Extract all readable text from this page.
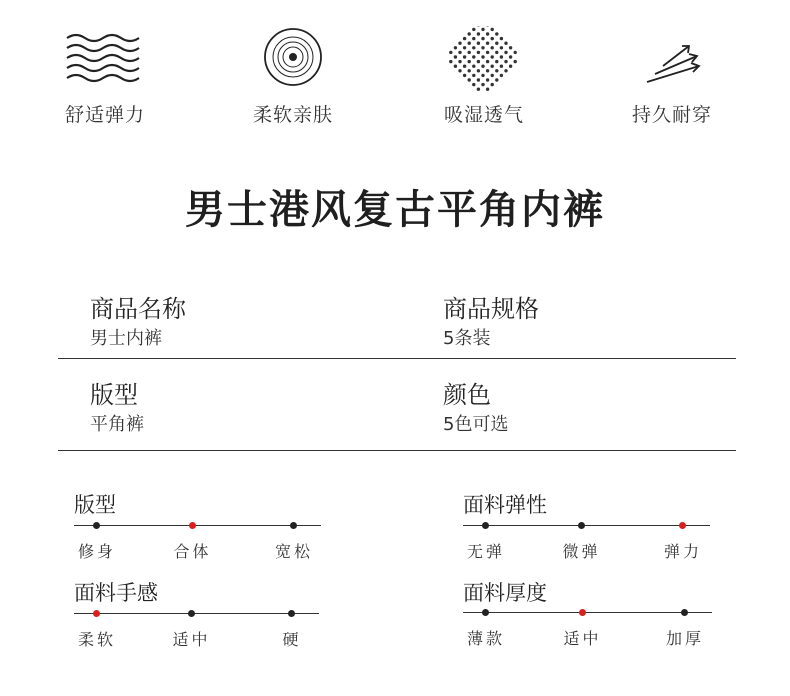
舒适弹力	柔软亲肤	吸湿透气	持久耐穿
男士港风复古平角内裤
商品名称
男士内裤
商品规格
5条装
版型
平角裤
颜色
5色可选
版型
修身	合体	宽松
面料弹性
无弹	微弹	弹力
面料手感
柔软	适中	硬
面料厚度
薄款	适中	加厚
